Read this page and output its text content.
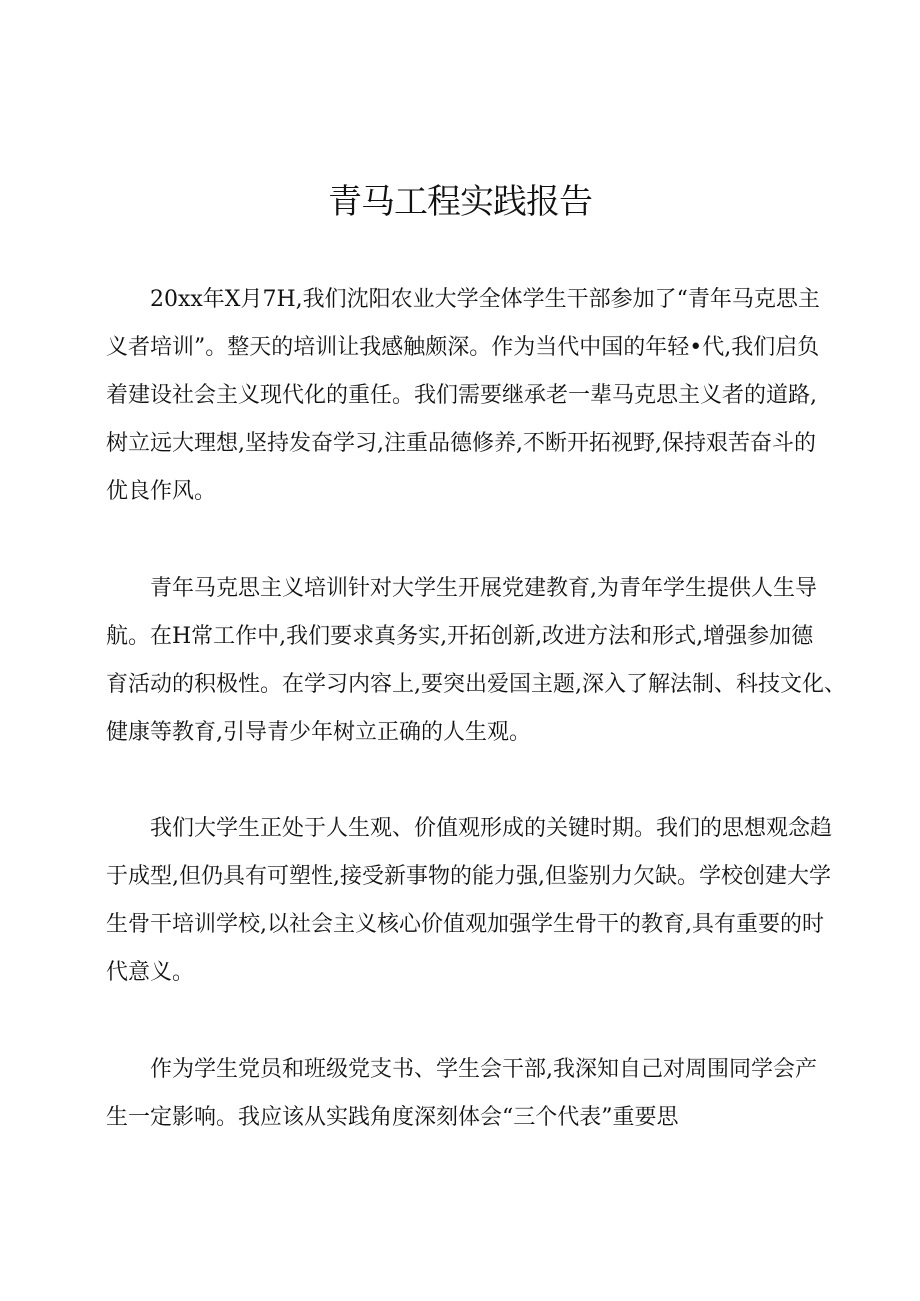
青马工程实践报告

20xx年X月7H,我们沈阳农业大学全体学生干部参加了“青年马克思主
义者培训”。整天的培训让我感触颇深。作为当代中国的年轻•代,我们启负
着建设社会主义现代化的重任。我们需要继承老一辈马克思主义者的道路,
树立远大理想,坚持发奋学习,注重品德修养,不断开拓视野,保持艰苦奋斗的
优良作风。

青年马克思主义培训针对大学生开展党建教育,为青年学生提供人生导
航。在H常工作中,我们要求真务实,开拓创新,改进方法和形式,增强参加德
育活动的积极性。在学习内容上,要突出爱国主题,深入了解法制、科技文化、
健康等教育,引导青少年树立正确的人生观。

我们大学生正处于人生观、价值观形成的关键时期。我们的思想观念趋
于成型,但仍具有可塑性,接受新事物的能力强,但鉴别力欠缺。学校创建大学
生骨干培训学校,以社会主义核心价值观加强学生骨干的教育,具有重要的时
代意义。

作为学生党员和班级党支书、学生会干部,我深知自己对周围同学会产
生一定影响。我应该从实践角度深刻体会“三个代表”重要思
